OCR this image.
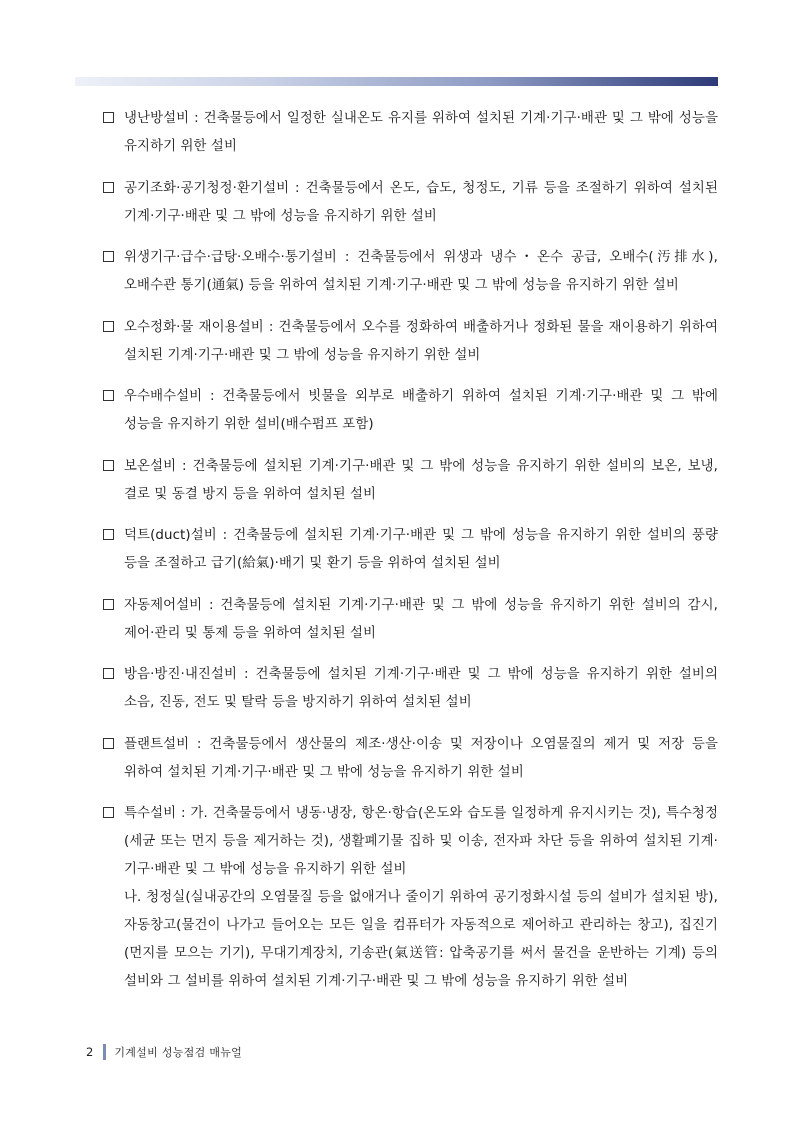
냉난방설비 : 건축물등에서 일정한 실내온도 유지를 위하여 설치된 기계·기구·배관 및 그 밖에 성능을 유지하기 위한 설비
공기조화·공기청정·환기설비 : 건축물등에서 온도, 습도, 청정도, 기류 등을 조절하기 위하여 설치된 기계·기구·배관 및 그 밖에 성능을 유지하기 위한 설비
위생기구·급수·급탕·오배수·통기설비 : 건축물등에서 위생과 냉수・온수 공급, 오배수(汚排水), 오배수관 통기(通氣) 등을 위하여 설치된 기계·기구·배관 및 그 밖에 성능을 유지하기 위한 설비
오수정화·물 재이용설비 : 건축물등에서 오수를 정화하여 배출하거나 정화된 물을 재이용하기 위하여 설치된 기계·기구·배관 및 그 밖에 성능을 유지하기 위한 설비
우수배수설비 : 건축물등에서 빗물을 외부로 배출하기 위하여 설치된 기계·기구·배관 및 그 밖에 성능을 유지하기 위한 설비(배수펌프 포함)
보온설비 : 건축물등에 설치된 기계·기구·배관 및 그 밖에 성능을 유지하기 위한 설비의 보온, 보냉, 결로 및 동결 방지 등을 위하여 설치된 설비
덕트(duct)설비 : 건축물등에 설치된 기계·기구·배관 및 그 밖에 성능을 유지하기 위한 설비의 풍량 등을 조절하고 급기(給氣)·배기 및 환기 등을 위하여 설치된 설비
자동제어설비 : 건축물등에 설치된 기계·기구·배관 및 그 밖에 성능을 유지하기 위한 설비의 감시, 제어·관리 및 통제 등을 위하여 설치된 설비
방음·방진·내진설비 : 건축물등에 설치된 기계·기구·배관 및 그 밖에 성능을 유지하기 위한 설비의 소음, 진동, 전도 및 탈락 등을 방지하기 위하여 설치된 설비
플랜트설비 : 건축물등에서 생산물의 제조·생산·이송 및 저장이나 오염물질의 제거 및 저장 등을 위하여 설치된 기계·기구·배관 및 그 밖에 성능을 유지하기 위한 설비
특수설비 : 가. 건축물등에서 냉동·냉장, 항온·항습(온도와 습도를 일정하게 유지시키는 것), 특수청정(세균 또는 먼지 등을 제거하는 것), 생활폐기물 집하 및 이송, 전자파 차단 등을 위하여 설치된 기계·기구·배관 및 그 밖에 성능을 유지하기 위한 설비
나. 청정실(실내공간의 오염물질 등을 없애거나 줄이기 위하여 공기정화시설 등의 설비가 설치된 방), 자동창고(물건이 나가고 들어오는 모든 일을 컴퓨터가 자동적으로 제어하고 관리하는 창고), 집진기(먼지를 모으는 기기), 무대기계장치, 기송관(氣送管: 압축공기를 써서 물건을 운반하는 기계) 등의 설비와 그 설비를 위하여 설치된 기계·기구·배관 및 그 밖에 성능을 유지하기 위한 설비
2 기계설비 성능점검 매뉴얼
